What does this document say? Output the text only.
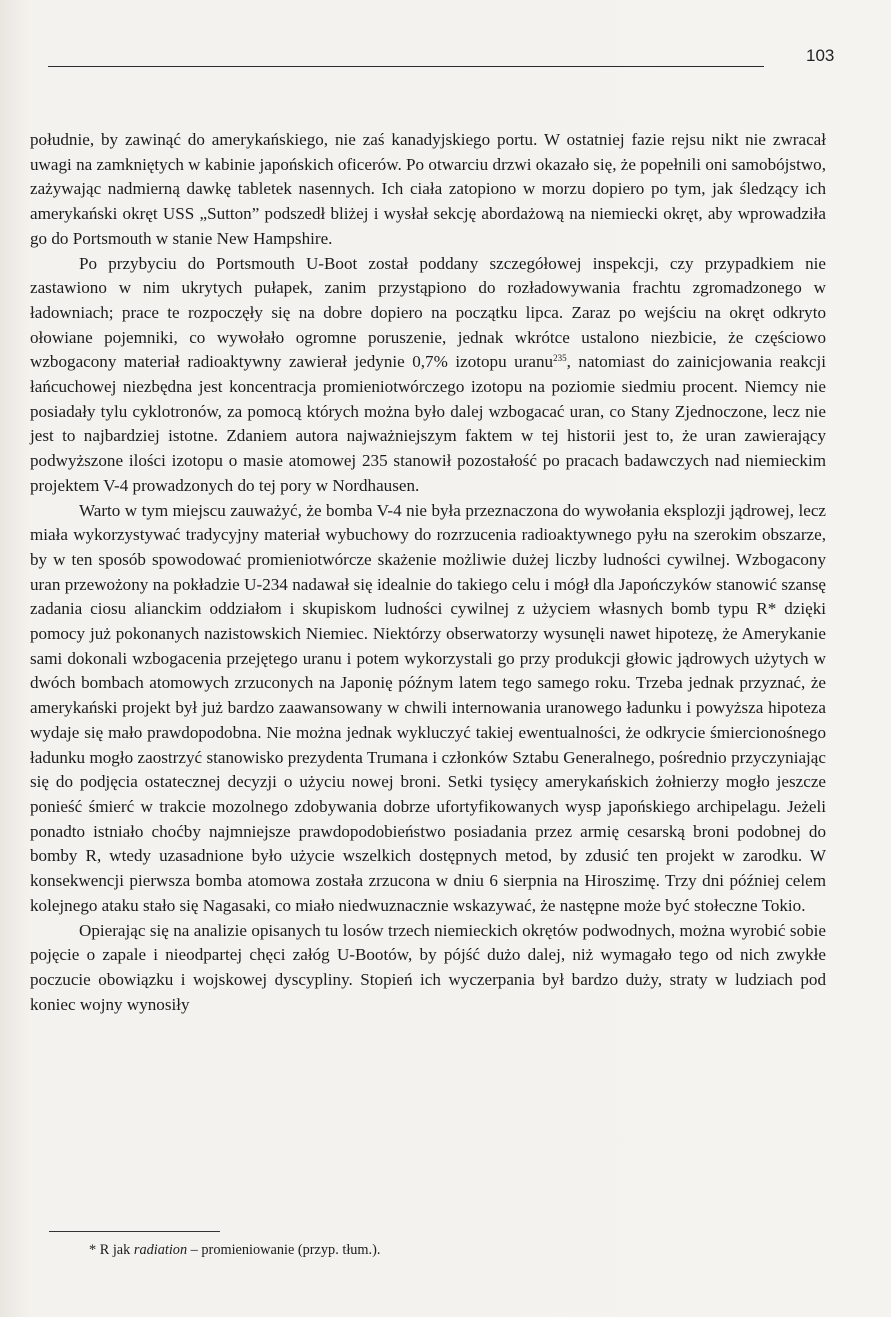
103

południe, by zawinąć do amerykańskiego, nie zaś kanadyjskiego portu. W ostatniej fazie rejsu nikt nie zwracał uwagi na zamkniętych w kabinie japońskich oficerów. Po otwarciu drzwi okazało się, że popełnili oni samobójstwo, zażywając nadmierną dawkę tabletek nasennych. Ich ciała zatopiono w morzu dopiero po tym, jak śledzący ich amerykański okręt USS „Sutton” podszedł bliżej i wysłał sekcję abordażową na niemiecki okręt, aby wprowadziła go do Portsmouth w stanie New Hampshire.

Po przybyciu do Portsmouth U-Boot został poddany szczegółowej inspekcji, czy przypadkiem nie zastawiono w nim ukrytych pułapek, zanim przystąpiono do rozładowywania frachtu zgromadzonego w ładowniach; prace te rozpoczęły się na dobre dopiero na początku lipca. Zaraz po wejściu na okręt odkryto ołowiane pojemniki, co wywołało ogromne poruszenie, jednak wkrótce ustalono niezbicie, że częściowo wzbogacony materiał radioaktywny zawierał jedynie 0,7% izotopu uranu$^{235}$, natomiast do zainicjowania reakcji łańcuchowej niezbędna jest koncentracja promieniotwórczego izotopu na poziomie siedmiu procent. Niemcy nie posiadały tylu cyklotronów, za pomocą których można było dalej wzbogacać uran, co Stany Zjednoczone, lecz nie jest to najbardziej istotne. Zdaniem autora najważniejszym faktem w tej historii jest to, że uran zawierający podwyższone ilości izotopu o masie atomowej 235 stanowił pozostałość po pracach badawczych nad niemieckim projektem V-4 prowadzonych do tej pory w Nordhausen.

Warto w tym miejscu zauważyć, że bomba V-4 nie była przeznaczona do wywołania eksplozji jądrowej, lecz miała wykorzystywać tradycyjny materiał wybuchowy do rozrzucenia radioaktywnego pyłu na szerokim obszarze, by w ten sposób spowodować promieniotwórcze skażenie możliwie dużej liczby ludności cywilnej. Wzbogacony uran przewożony na pokładzie U-234 nadawał się idealnie do takiego celu i mógł dla Japończyków stanowić szansę zadania ciosu alianckim oddziałom i skupiskom ludności cywilnej z użyciem własnych bomb typu R* dzięki pomocy już pokonanych nazistowskich Niemiec. Niektórzy obserwatorzy wysunęli nawet hipotezę, że Amerykanie sami dokonali wzbogacenia przejętego uranu i potem wykorzystali go przy produkcji głowic jądrowych użytych w dwóch bombach atomowych zrzuconych na Japonię późnym latem tego samego roku. Trzeba jednak przyznać, że amerykański projekt był już bardzo zaawansowany w chwili internowania uranowego ładunku i powyższa hipoteza wydaje się mało prawdopodobna. Nie można jednak wykluczyć takiej ewentualności, że odkrycie śmiercionośnego ładunku mogło zaostrzyć stanowisko prezydenta Trumana i członków Sztabu Generalnego, pośrednio przyczyniając się do podjęcia ostatecznej decyzji o użyciu nowej broni. Setki tysięcy amerykańskich żołnierzy mogło jeszcze ponieść śmierć w trakcie mozolnego zdobywania dobrze ufortyfikowanych wysp japońskiego archipelagu. Jeżeli ponadto istniało choćby najmniejsze prawdopodobieństwo posiadania przez armię cesarską broni podobnej do bomby R, wtedy uzasadnione było użycie wszelkich dostępnych metod, by zdusić ten projekt w zarodku. W konsekwencji pierwsza bomba atomowa została zrzucona w dniu 6 sierpnia na Hiroszimę. Trzy dni później celem kolejnego ataku stało się Nagasaki, co miało niedwuznacznie wskazywać, że następne może być stołeczne Tokio.

Opierając się na analizie opisanych tu losów trzech niemieckich okrętów podwodnych, można wyrobić sobie pojęcie o zapale i nieodpartej chęci załóg U-Bootów, by pójść dużo dalej, niż wymagało tego od nich zwykłe poczucie obowiązku i wojskowej dyscypliny. Stopień ich wyczerpania był bardzo duży, straty w ludziach pod koniec wojny wynosiły

* R jak radiation – promieniowanie (przyp. tłum.).
